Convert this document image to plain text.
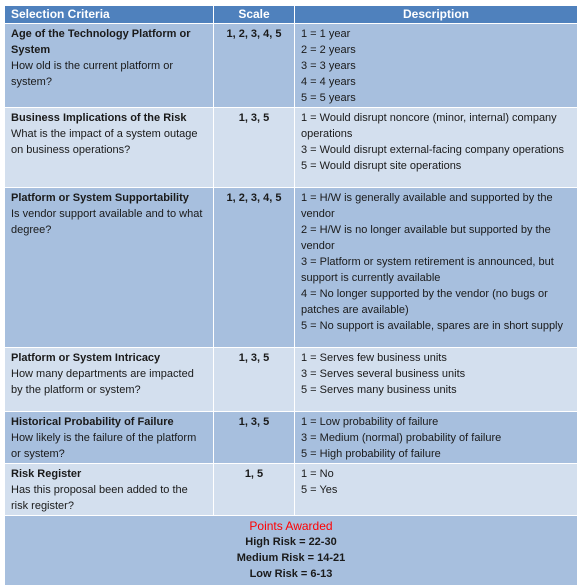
Selection Criteria	Scale	Description

Age of the Technology Platform or System
How old is the current platform or system?	1, 2, 3, 4, 5	1 = 1 year
2 = 2 years
3 = 3 years
4 = 4 years
5 = 5 years

Business Implications of the Risk
What is the impact of a system outage on business operations?	1, 3, 5	1 = Would disrupt noncore (minor, internal) company operations
3 = Would disrupt external-facing company operations
5 = Would disrupt site operations

Platform or System Supportability
Is vendor support available and to what degree?	1, 2, 3, 4, 5	1 = H/W is generally available and supported by the vendor
2 = H/W is no longer available but supported by the vendor
3 = Platform or system retirement is announced, but support is currently available
4 = No longer supported by the vendor (no bugs or patches are available)
5 = No support is available, spares are in short supply

Platform or System Intricacy
How many departments are impacted by the platform or system?	1, 3, 5	1 = Serves few business units
3 = Serves several business units
5 = Serves many business units

Historical Probability of Failure
How likely is the failure of the platform or system?	1, 3, 5	1 = Low probability of failure
3 = Medium (normal) probability of failure
5 = High probability of failure

Risk Register
Has this proposal been added to the risk register?	1, 5	1 = No
5 = Yes

Points Awarded
High Risk = 22-30
Medium Risk = 14-21
Low Risk = 6-13		
